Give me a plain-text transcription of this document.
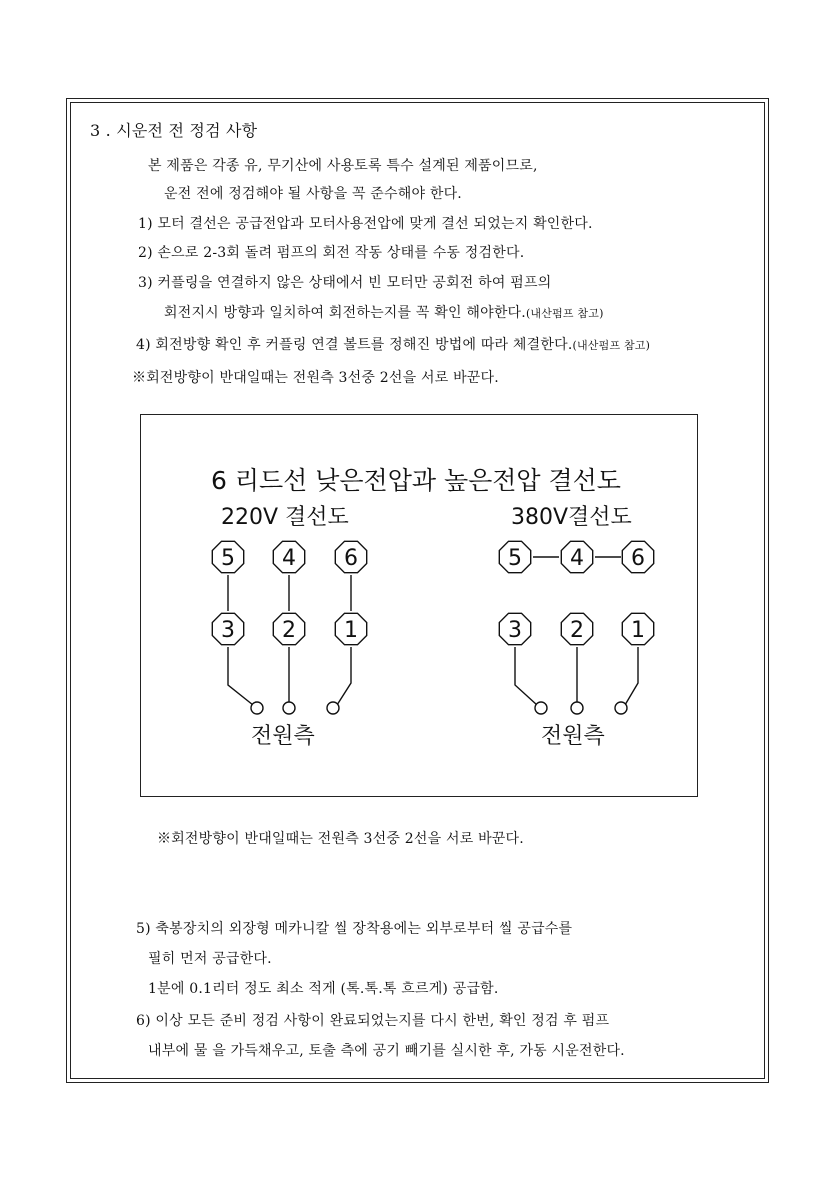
3 . 시운전 전 정검 사항
본 제품은 각종 유, 무기산에 사용토록 특수 설계된 제품이므로,
운전 전에 정검해야 될 사항을 꼭 준수해야 한다.
1) 모터 결선은 공급전압과 모터사용전압에 맞게 결선 되었는지 확인한다.
2) 손으로 2-3회 돌려 펌프의 회전 작동 상태를 수동 정검한다.
3) 커플링을 연결하지 않은 상태에서 빈 모터만 공회전 하여 펌프의
회전지시 방향과 일치하여 회전하는지를 꼭 확인 해야한다.(내산펌프 참고)
4) 회전방향 확인 후 커플링 연결 볼트를 정해진 방법에 따라 체결한다.(내산펌프 참고)
※회전방향이 반대일때는 전원측 3선중 2선을 서로 바꾼다.
6 리드선 낮은전압과 높은전압 결선도
220V 결선도	380V결선도
5 4 6
3 2 1
5 4 6
3 2 1
전원측	전원측
※회전방향이 반대일때는 전원측 3선중 2선을 서로 바꾼다.
5) 축봉장치의 외장형 메카니칼 씰 장착용에는 외부로부터 씰 공급수를
필히 먼저 공급한다.
1분에 0.1리터 정도 최소 적게 (톡.톡.톡 흐르게) 공급함.
6) 이상 모든 준비 정검 사항이 완료되었는지를 다시 한번, 확인 정검 후 펌프
내부에 물 을 가득채우고, 토출 측에 공기 빼기를 실시한 후, 가동 시운전한다.
